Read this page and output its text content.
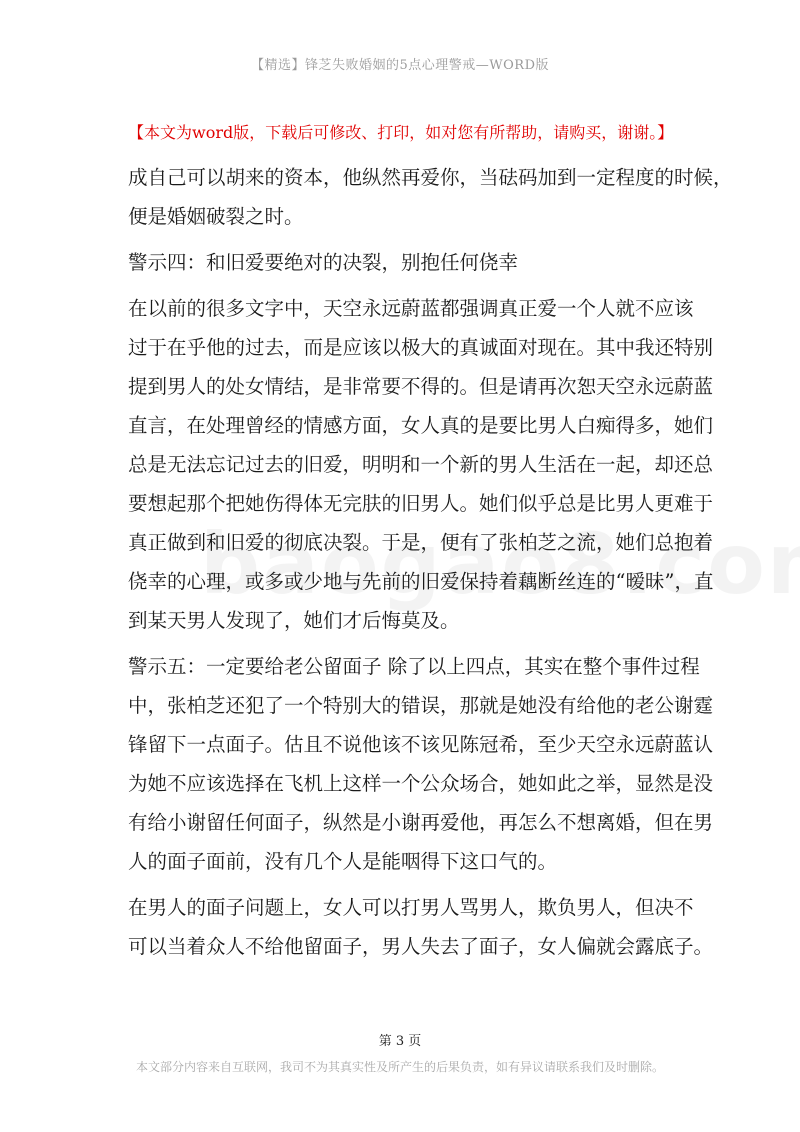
【精选】锋芝失败婚姻的5点心理警戒—WORD版
【本文为word版，下载后可修改、打印，如对您有所帮助，请购买，谢谢。】
成自己可以胡来的资本，他纵然再爱你，当砝码加到一定程度的时候，
便是婚姻破裂之时。
警示四：和旧爱要绝对的决裂，别抱任何侥幸
在以前的很多文字中，天空永远蔚蓝都强调真正爱一个人就不应该
过于在乎他的过去，而是应该以极大的真诚面对现在。其中我还特别
提到男人的处女情结，是非常要不得的。但是请再次恕天空永远蔚蓝
直言，在处理曾经的情感方面，女人真的是要比男人白痴得多，她们
总是无法忘记过去的旧爱，明明和一个新的男人生活在一起，却还总
要想起那个把她伤得体无完肤的旧男人。她们似乎总是比男人更难于
真正做到和旧爱的彻底决裂。于是，便有了张柏芝之流，她们总抱着
侥幸的心理，或多或少地与先前的旧爱保持着藕断丝连的“暧昧”，直
到某天男人发现了，她们才后悔莫及。
警示五：一定要给老公留面子 除了以上四点，其实在整个事件过程
中，张柏芝还犯了一个特别大的错误，那就是她没有给他的老公谢霆
锋留下一点面子。估且不说他该不该见陈冠希，至少天空永远蔚蓝认
为她不应该选择在飞机上这样一个公众场合，她如此之举，显然是没
有给小谢留任何面子，纵然是小谢再爱他，再怎么不想离婚，但在男
人的面子面前，没有几个人是能咽得下这口气的。
在男人的面子问题上，女人可以打男人骂男人，欺负男人，但决不
可以当着众人不给他留面子，男人失去了面子，女人偏就会露底子。
第 3 页
本文部分内容来自互联网，我司不为其真实性及所产生的后果负责，如有异议请联系我们及时删除。
